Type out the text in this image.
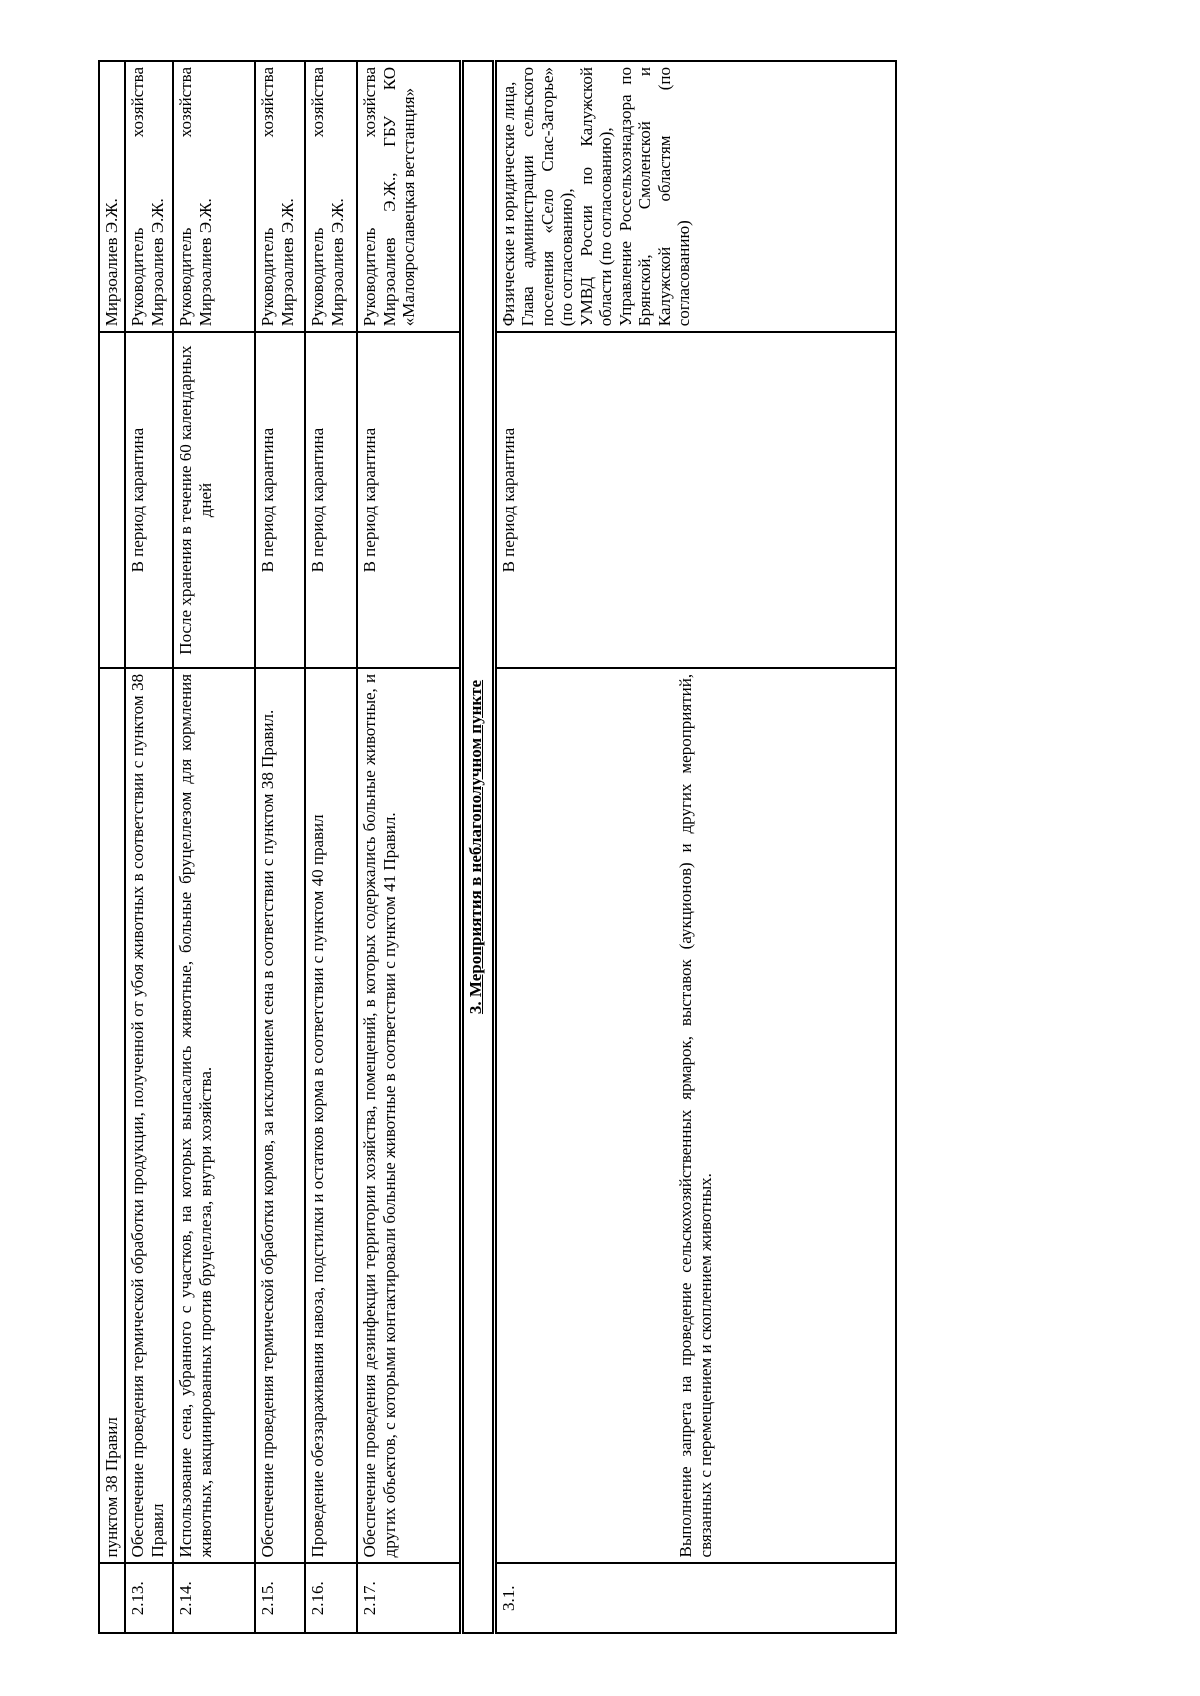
	пунктом 38 Правил		Мирзоалиев Э.Ж.
2.13.	Обеспечение проведения термической обработки продукции, полученной от убоя животных в соответствии с пунктом 38 Правил	В период карантина	Руководитель хозяйства Мирзоалиев Э.Ж.
2.14.	Использование сена, убранного с участков, на которых выпасались животные, больные бруцеллезом для кормления животных, вакцинированных против бруцеллеза, внутри хозяйства.	После хранения в течение 60 календарных дней	Руководитель хозяйства Мирзоалиев Э.Ж.
2.15.	Обеспечение проведения термической обработки кормов, за исключением сена в соответствии с пунктом 38 Правил.	В период карантина	Руководитель хозяйства Мирзоалиев Э.Ж.
2.16.	Проведение обеззараживания навоза, подстилки и остатков корма в соответствии с пунктом 40 правил	В период карантина	Руководитель хозяйства Мирзоалиев Э.Ж.
2.17.	Обеспечение проведения дезинфекции территории хозяйства, помещений, в которых содержались больные животные, и других объектов, с которыми контактировали больные животные в соответствии с пунктом 41 Правил.	В период карантина	Руководитель хозяйства Мирзоалиев Э.Ж., ГБУ КО «Малоярославецкая ветстанция»
3. Мероприятия в неблагополучном пункте			
3.1.	Выполнение запрета на проведение сельскохозяйственных ярмарок, выставок (аукционов) и других мероприятий, связанных с перемещением и скоплением животных.	В период карантина	Физические и юридические лица, Глава администрации сельского поселения «Село Спас-Загорье» (по согласованию), УМВД России по Калужской области (по согласованию), Управление Россельхознадзора по Брянской, Смоленской и Калужской областям (по согласованию)
